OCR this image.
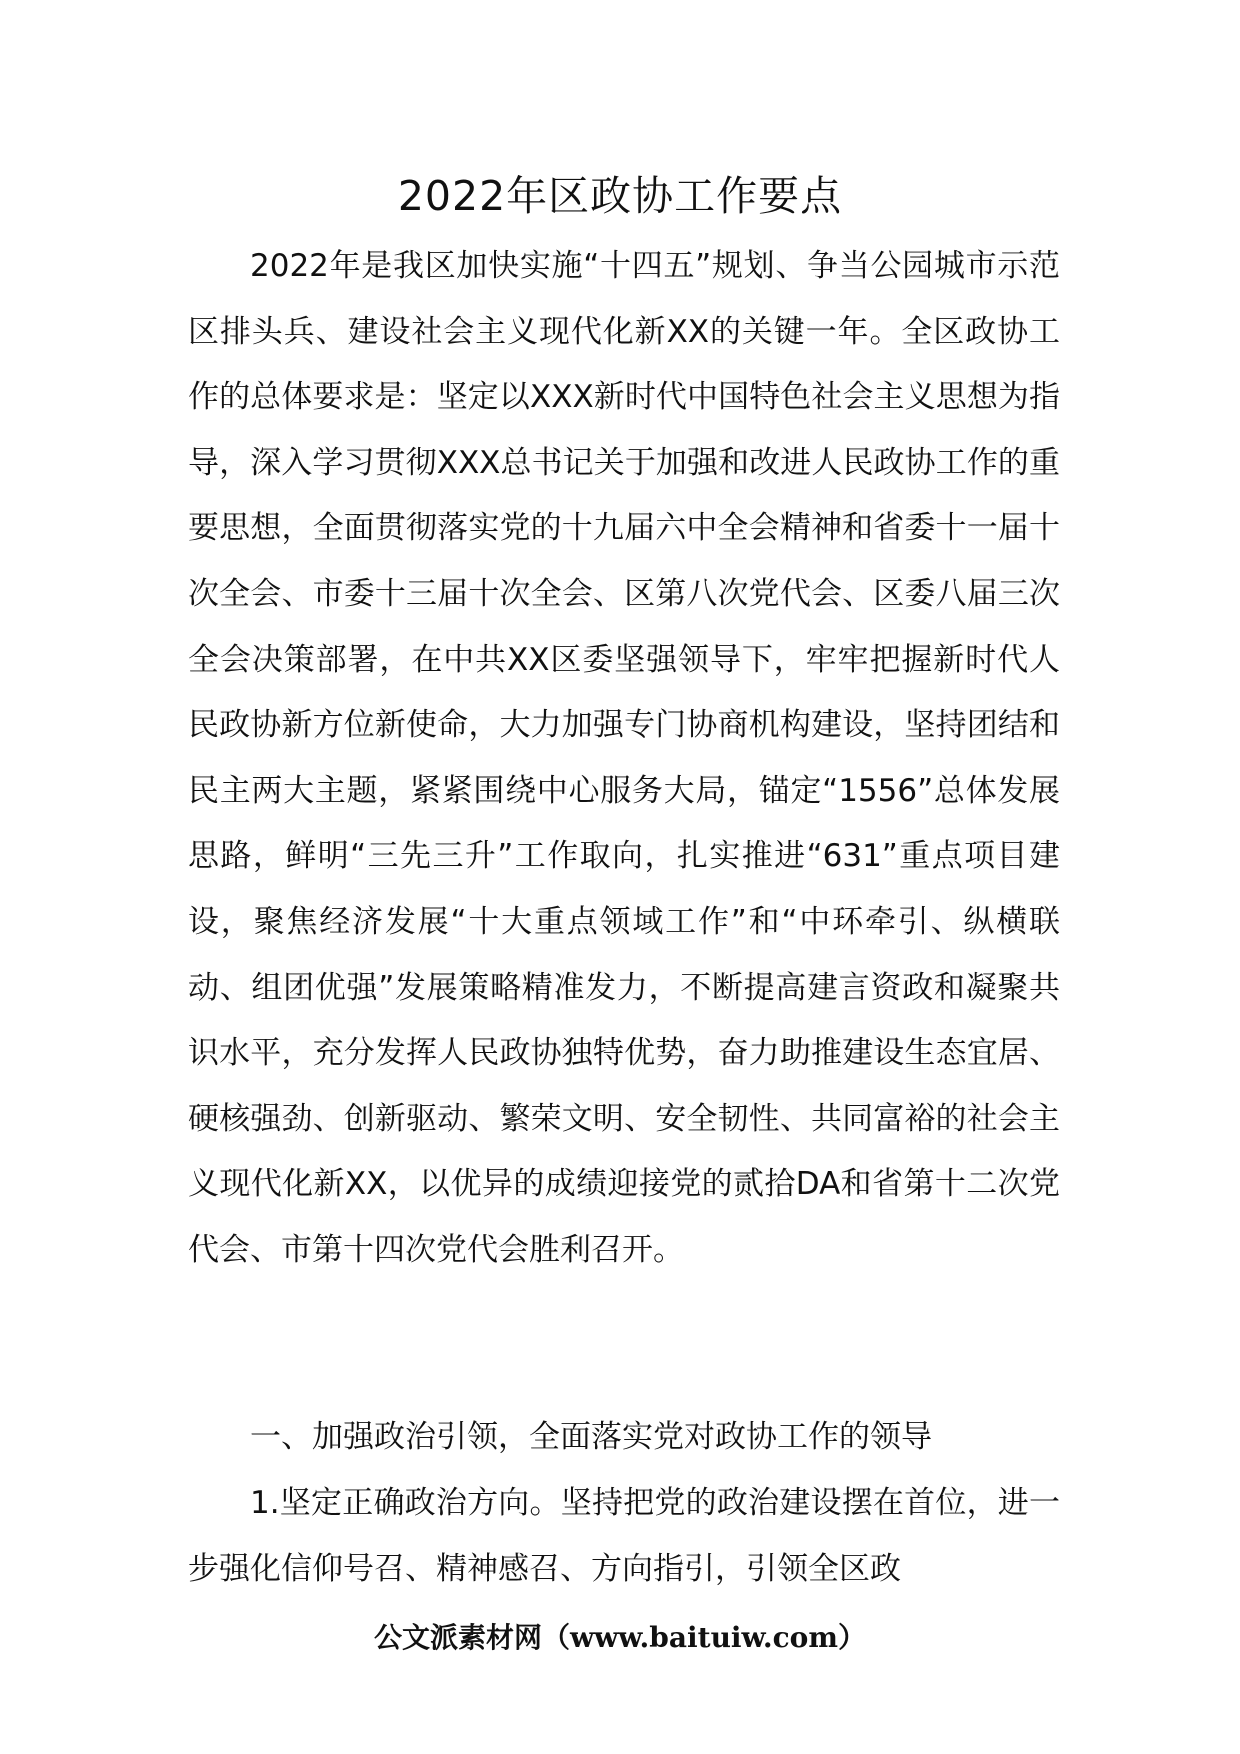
2022年区政协工作要点

2022年是我区加快实施“十四五”规划、争当公园城市示范区排头兵、建设社会主义现代化新XX的关键一年。全区政协工作的总体要求是：坚定以XXX新时代中国特色社会主义思想为指导，深入学习贯彻XXX总书记关于加强和改进人民政协工作的重要思想，全面贯彻落实党的十九届六中全会精神和省委十一届十次全会、市委十三届十次全会、区第八次党代会、区委八届三次全会决策部署，在中共XX区委坚强领导下，牢牢把握新时代人民政协新方位新使命，大力加强专门协商机构建设，坚持团结和民主两大主题，紧紧围绕中心服务大局，锚定“1556”总体发展思路，鲜明“三先三升”工作取向，扎实推进“631”重点项目建设，聚焦经济发展“十大重点领域工作”和“中环牵引、纵横联动、组团优强”发展策略精准发力，不断提高建言资政和凝聚共识水平，充分发挥人民政协独特优势，奋力助推建设生态宜居、硬核强劲、创新驱动、繁荣文明、安全韧性、共同富裕的社会主义现代化新XX，以优异的成绩迎接党的贰拾DA和省第十二次党代会、市第十四次党代会胜利召开。

一、加强政治引领，全面落实党对政协工作的领导

1.坚定正确政治方向。坚持把党的政治建设摆在首位，进一步强化信仰号召、精神感召、方向指引，引领全区政

公文派素材网（www.baituiw.com）
